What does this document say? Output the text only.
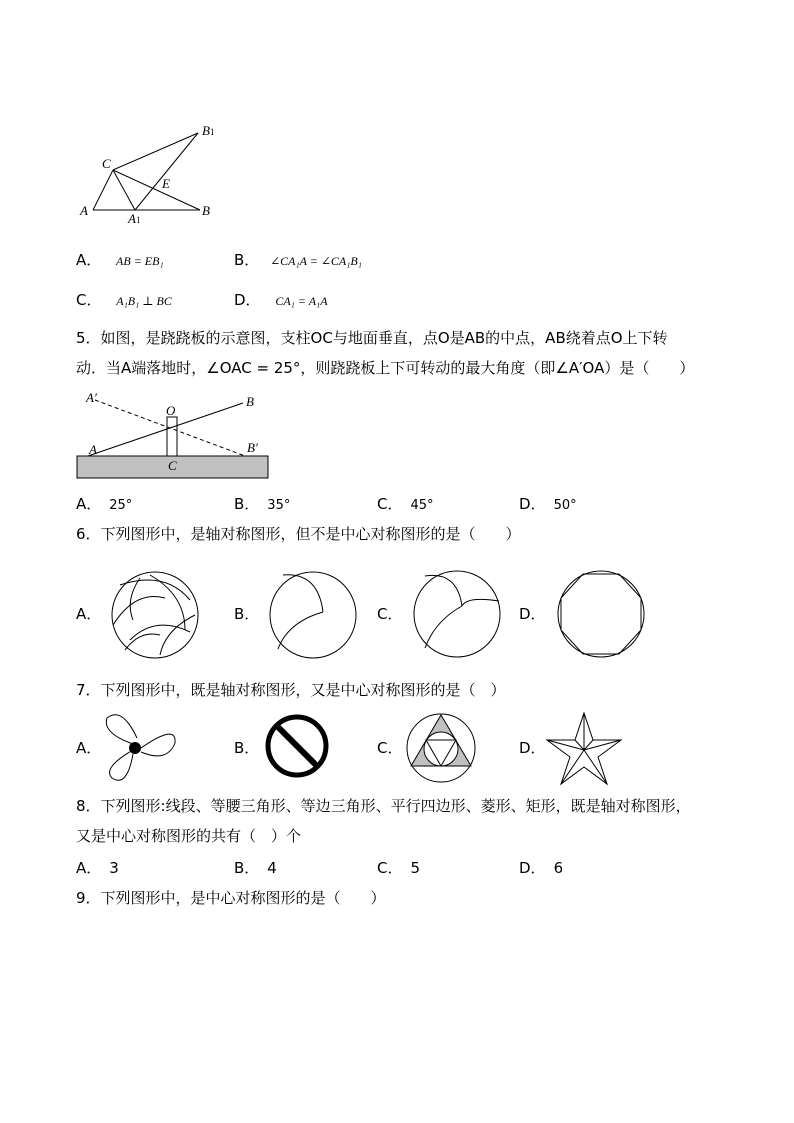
B1
C
E
A
A1
B
A． AB = EB₁	B． ∠CA₁A = ∠CA₁B₁
C． A₁B₁ ⊥ BC	D． CA₁ = A₁A
5．如图，是跷跷板的示意图，支柱OC与地面垂直，点O是AB的中点，AB绕着点O上下转
动．当A端落地时，∠OAC = 25°，则跷跷板上下可转动的最大角度（即∠A′OA）是（　　）
A′
O
B
A	B′
C
A． 25°	B． 35°	C． 45°	D． 50°
6．下列图形中，是轴对称图形，但不是中心对称图形的是（　　）
A．	B．	C．	D．
7．下列图形中，既是轴对称图形，又是中心对称图形的是（　）
A．	B．	C．	D．
8．下列图形:线段、等腰三角形、等边三角形、平行四边形、菱形、矩形，既是轴对称图形，
又是中心对称图形的共有（　）个
A． 3	B． 4	C． 5	D． 6
9．下列图形中，是中心对称图形的是（　　）
